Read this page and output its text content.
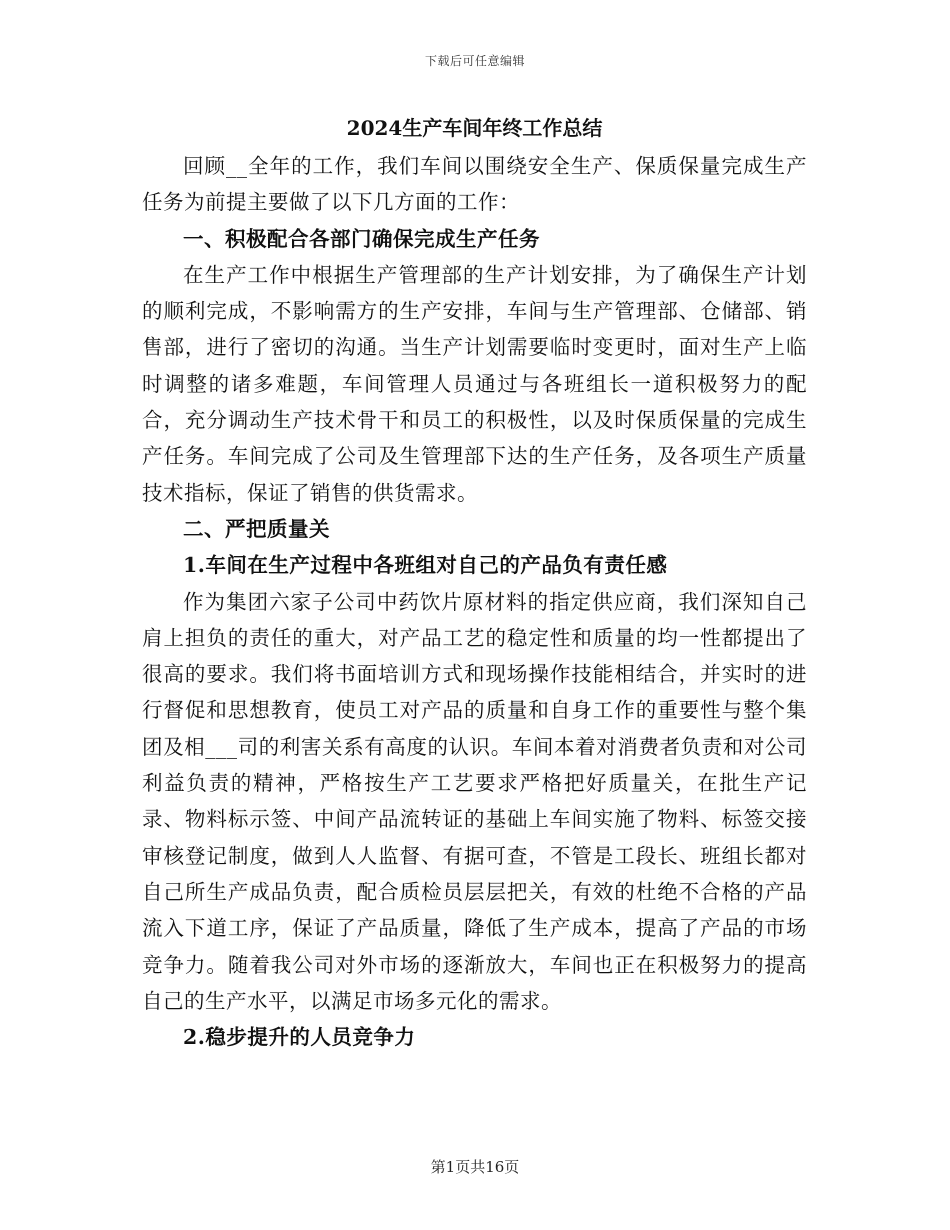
下载后可任意编辑
2024生产车间年终工作总结

回顾__全年的工作，我们车间以围绕安全生产、保质保量完成生产任务为前提主要做了以下几方面的工作：

一、积极配合各部门确保完成生产任务

在生产工作中根据生产管理部的生产计划安排，为了确保生产计划的顺利完成，不影响需方的生产安排，车间与生产管理部、仓储部、销售部，进行了密切的沟通。当生产计划需要临时变更时，面对生产上临时调整的诸多难题，车间管理人员通过与各班组长一道积极努力的配合，充分调动生产技术骨干和员工的积极性，以及时保质保量的完成生产任务。车间完成了公司及生管理部下达的生产任务，及各项生产质量技术指标，保证了销售的供货需求。

二、严把质量关

1.车间在生产过程中各班组对自己的产品负有责任感

作为集团六家子公司中药饮片原材料的指定供应商，我们深知自己肩上担负的责任的重大，对产品工艺的稳定性和质量的均一性都提出了很高的要求。我们将书面培训方式和现场操作技能相结合，并实时的进行督促和思想教育，使员工对产品的质量和自身工作的重要性与整个集团及相___司的利害关系有高度的认识。车间本着对消费者负责和对公司利益负责的精神，严格按生产工艺要求严格把好质量关，在批生产记录、物料标示签、中间产品流转证的基础上车间实施了物料、标签交接审核登记制度，做到人人监督、有据可查，不管是工段长、班组长都对自己所生产成品负责，配合质检员层层把关，有效的杜绝不合格的产品流入下道工序，保证了产品质量，降低了生产成本，提高了产品的市场竞争力。随着我公司对外市场的逐渐放大，车间也正在积极努力的提高自己的生产水平，以满足市场多元化的需求。

2.稳步提升的人员竞争力

第1页共16页
